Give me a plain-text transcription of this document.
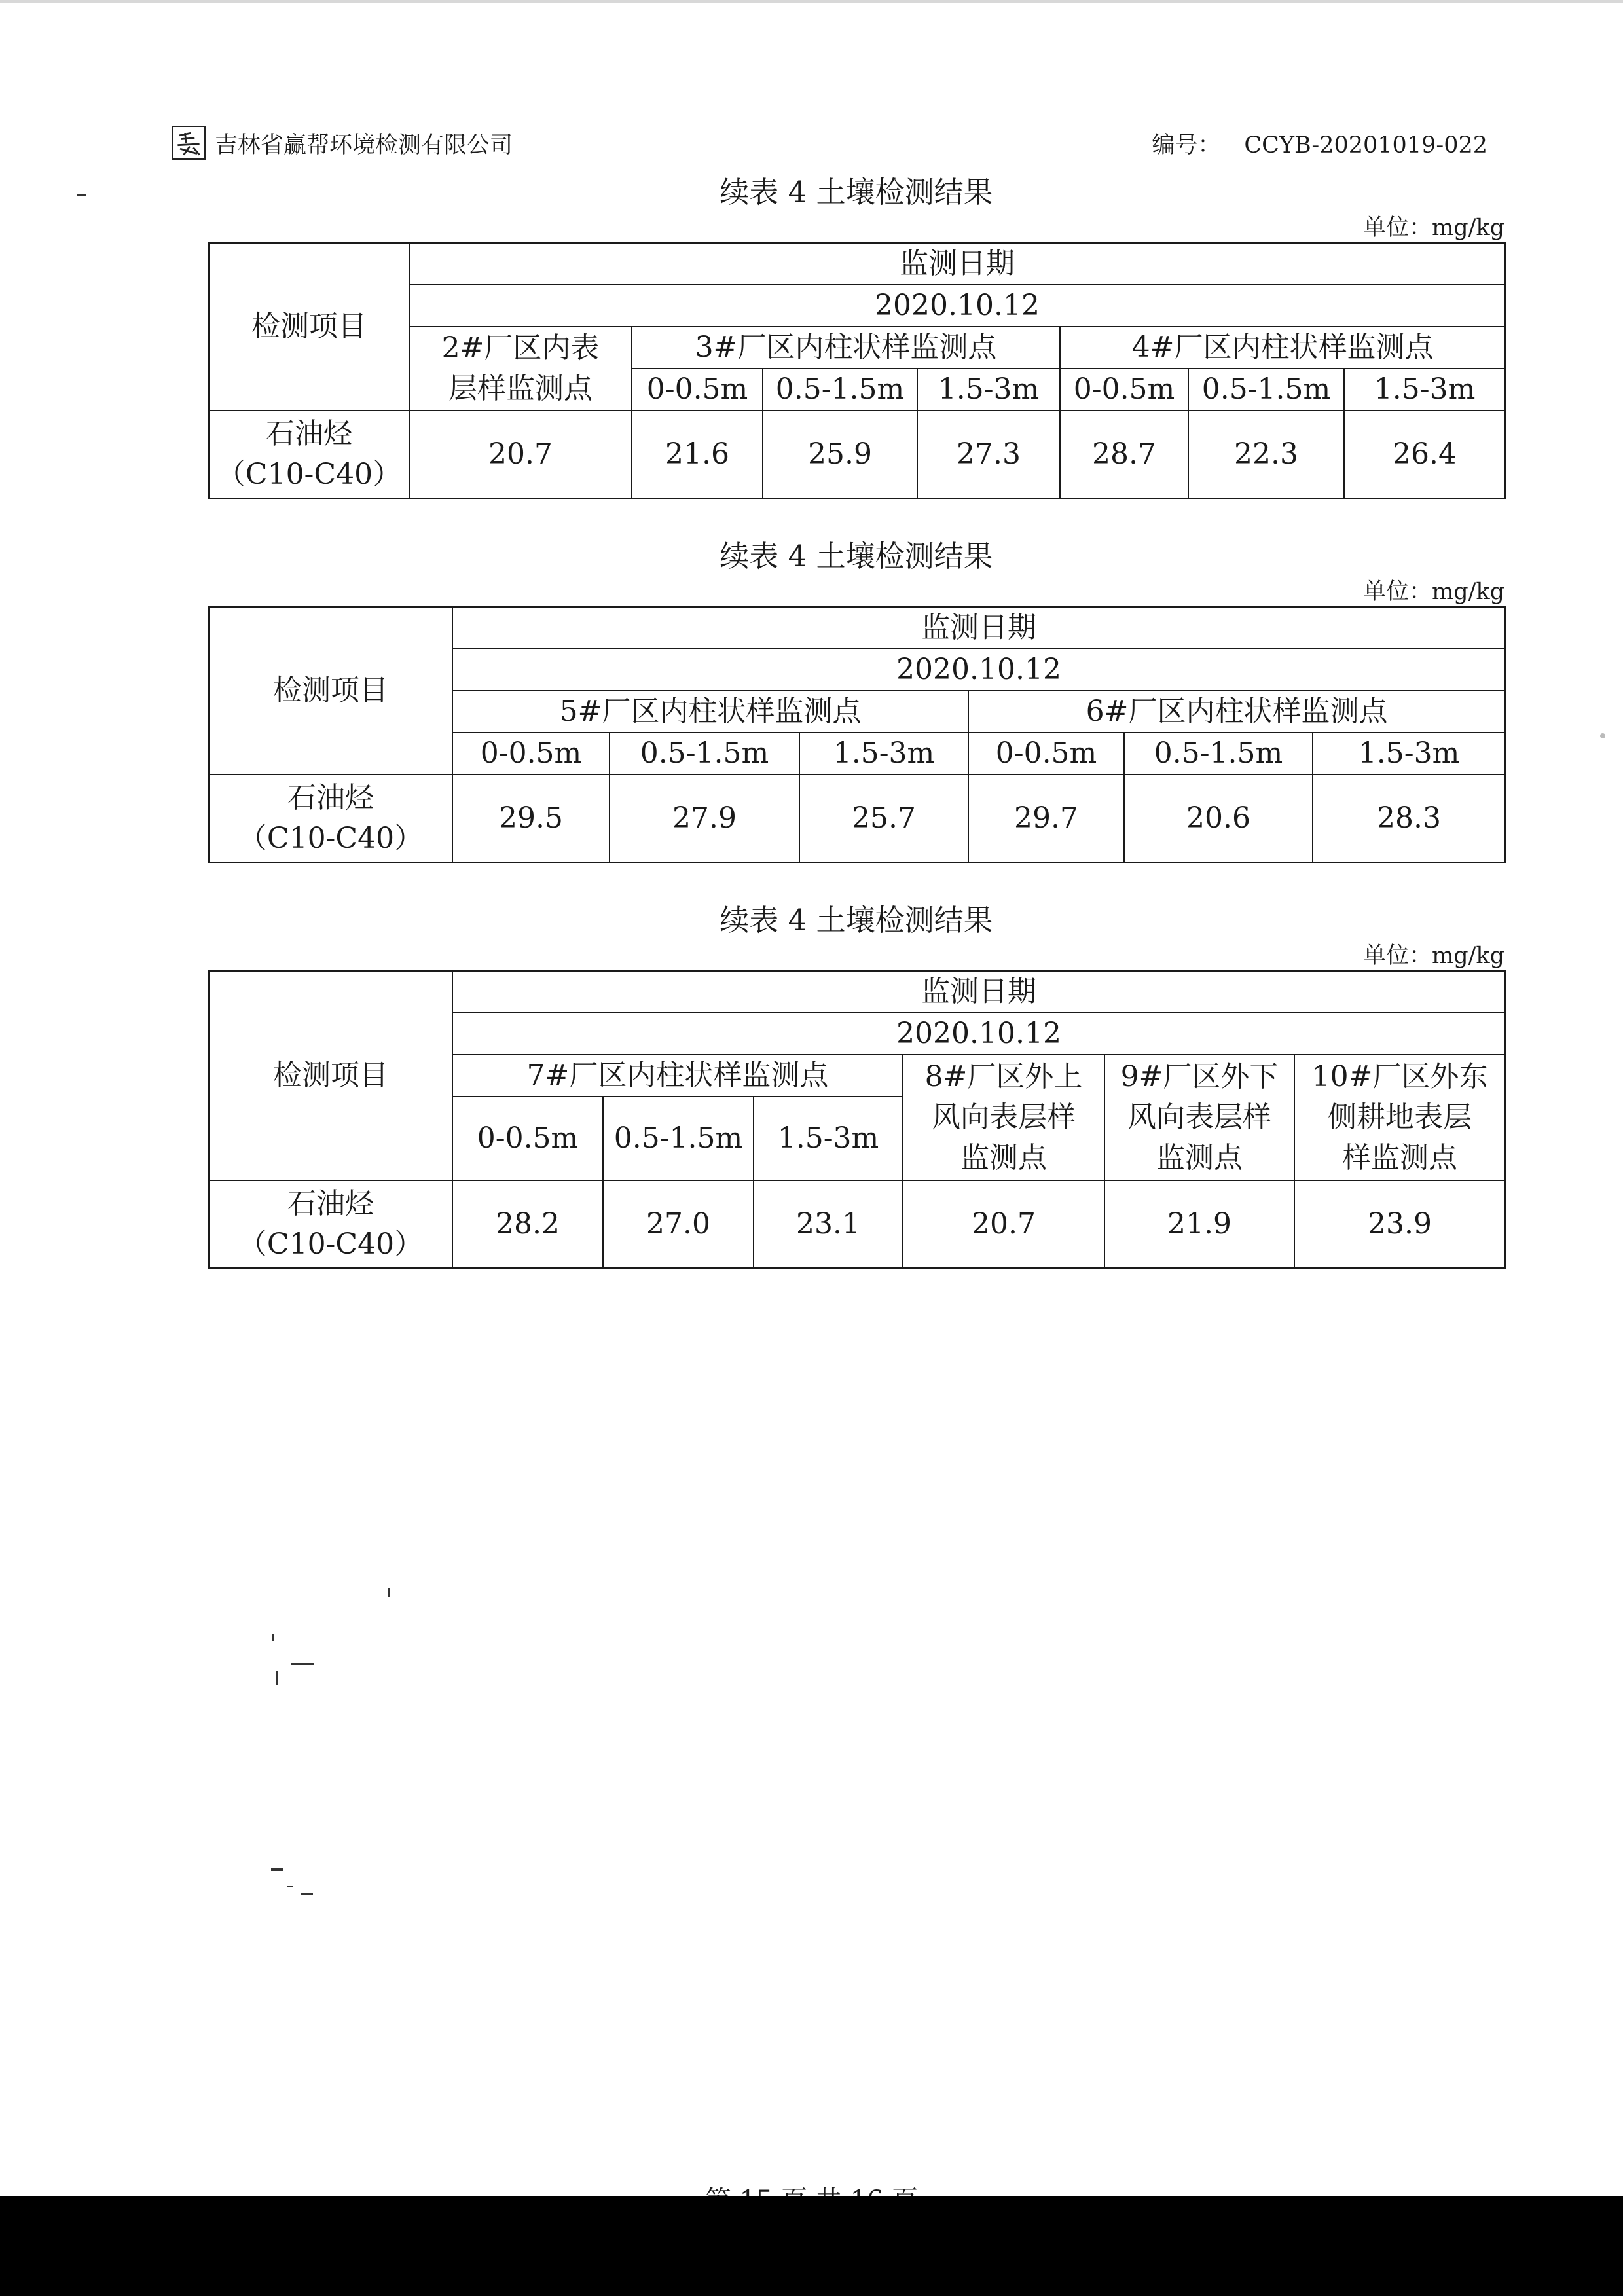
吉林省赢帮环境检测有限公司	编号： CCYB-20201019-022
续表 4 土壤检测结果
单位：mg/kg
检测项目	监测日期						
	2020.10.12						

	2#厂区内表
层样监测点	3#厂区内柱状样监测点			4#厂区内柱状样监测点		
		0-0.5m	0.5-1.5m	1.5-3m	0-0.5m	0.5-1.5m	1.5-3m

石油烃
（C10-C40）	20.7	21.6	25.9	27.3	28.7	22.3	26.4
续表 4 土壤检测结果
单位：mg/kg
检测项目	监测日期					
	2020.10.12					
	5#厂区内柱状样监测点			6#厂区内柱状样监测点		
	0-0.5m	0.5-1.5m	1.5-3m	0-0.5m	0.5-1.5m	1.5-3m

石油烃
（C10-C40）	29.5	27.9	25.7	29.7	20.6	28.3
续表 4 土壤检测结果
单位：mg/kg
检测项目	监测日期					
	2020.10.12					
	7#厂区内柱状样监测点			8#厂区外上
风向表层样
监测点	9#厂区外下
风向表层样
监测点	10#厂区外东
侧耕地表层
样监测点

	0-0.5m	0.5-1.5m	1.5-3m			

石油烃
（C10-C40）	28.2	27.0	23.1	20.7	21.9	23.9
